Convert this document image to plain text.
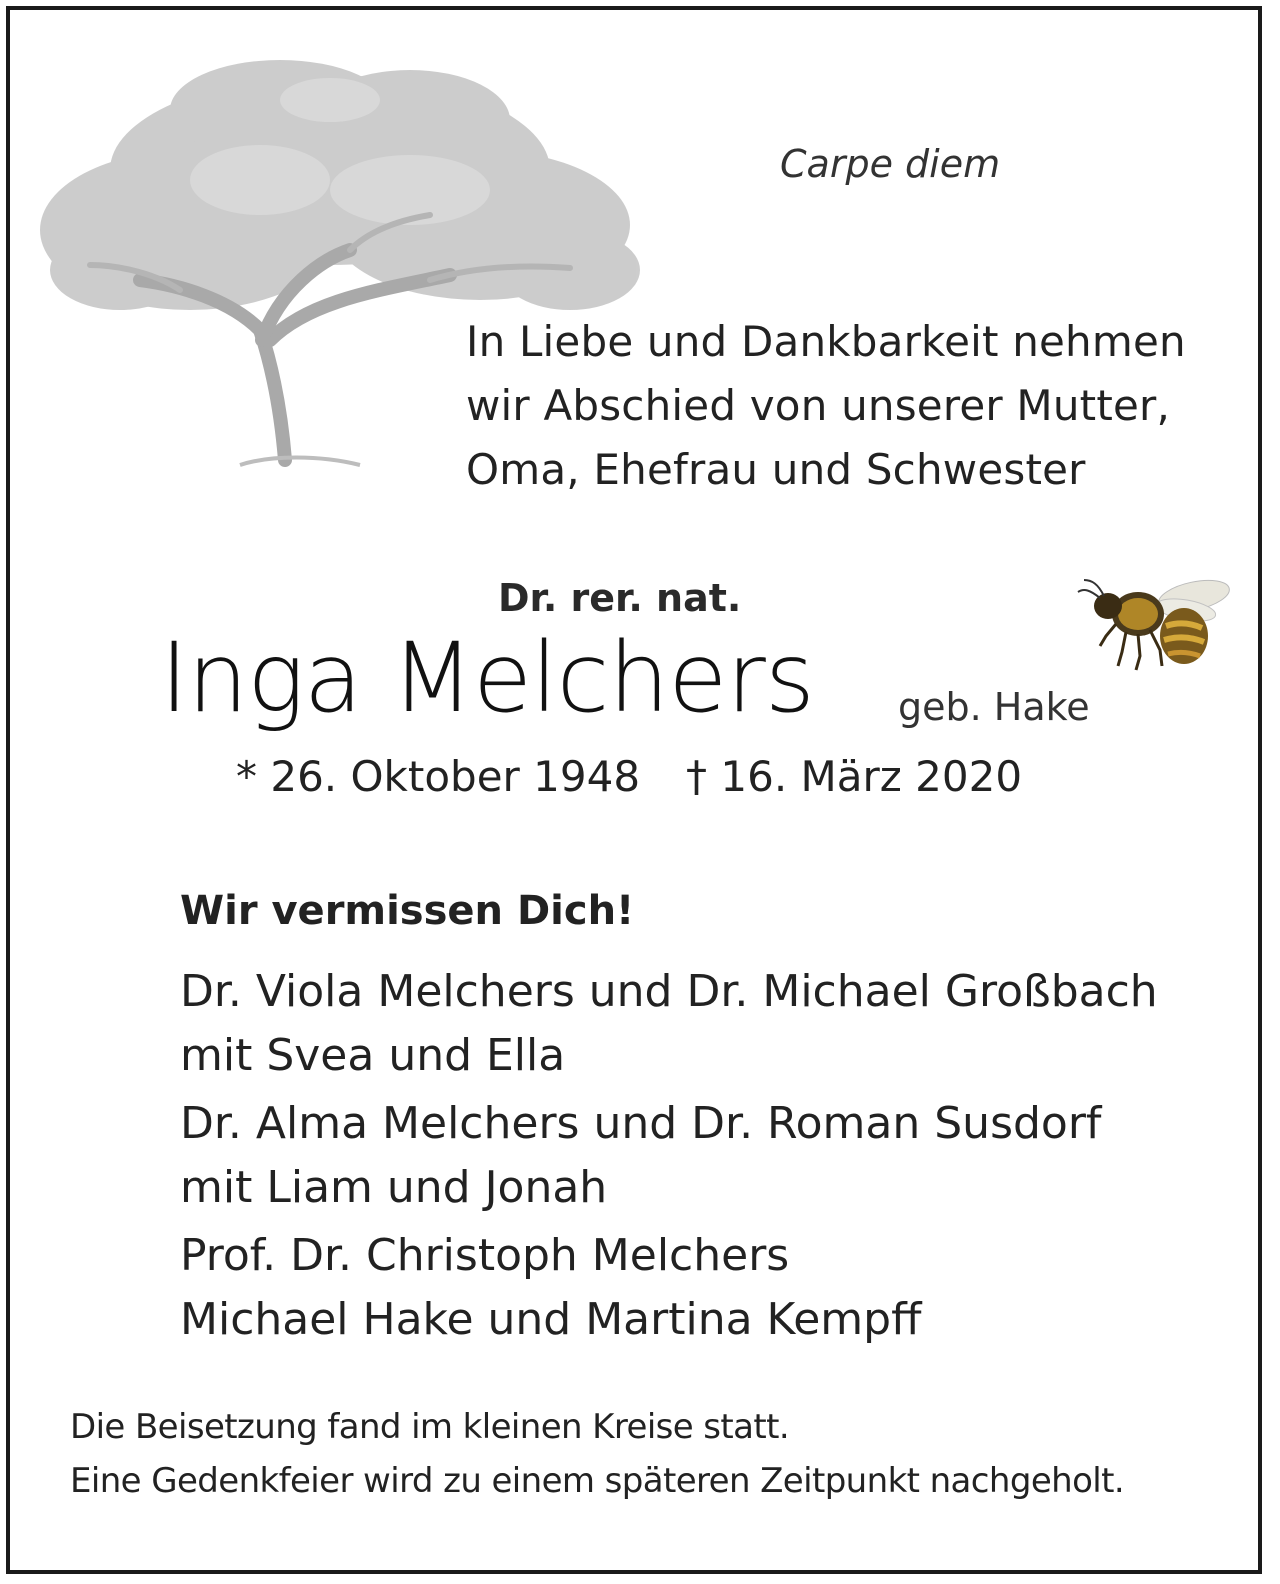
Carpe diem
In Liebe und Dankbarkeit nehmen
wir Abschied von unserer Mutter,
Oma, Ehefrau und Schwester
Dr. rer. nat.
Inga Melchers geb. Hake
* 26. Oktober 1948 † 16. März 2020
Wir vermissen Dich!
Dr. Viola Melchers und Dr. Michael Großbach
mit Svea und Ella
Dr. Alma Melchers und Dr. Roman Susdorf
mit Liam und Jonah
Prof. Dr. Christoph Melchers
Michael Hake und Martina Kempff
Die Beisetzung fand im kleinen Kreise statt.
Eine Gedenkfeier wird zu einem späteren Zeitpunkt nachgeholt.
